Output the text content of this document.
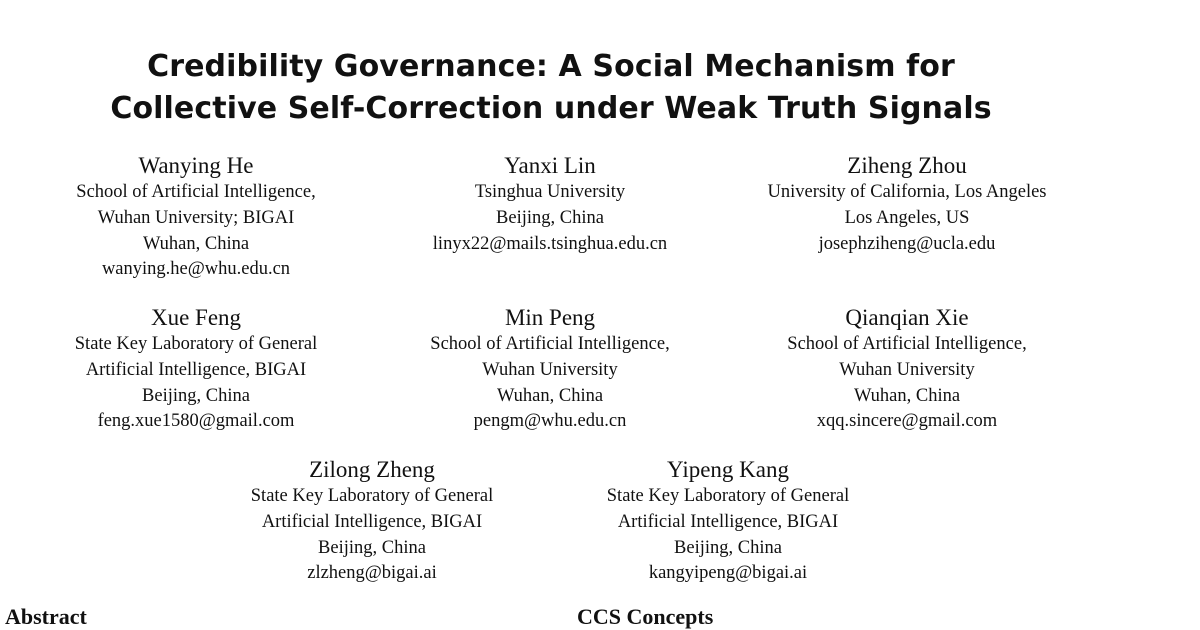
Credibility Governance: A Social Mechanism for
Collective Self-Correction under Weak Truth Signals
Wanying He
School of Artificial Intelligence,
Wuhan University; BIGAI
Wuhan, China
wanying.he@whu.edu.cn
Yanxi Lin
Tsinghua University
Beijing, China
linyx22@mails.tsinghua.edu.cn
Ziheng Zhou
University of California, Los Angeles
Los Angeles, US
josephziheng@ucla.edu
Xue Feng
State Key Laboratory of General
Artificial Intelligence, BIGAI
Beijing, China
feng.xue1580@gmail.com
Min Peng
School of Artificial Intelligence,
Wuhan University
Wuhan, China
pengm@whu.edu.cn
Qianqian Xie
School of Artificial Intelligence,
Wuhan University
Wuhan, China
xqq.sincere@gmail.com
Zilong Zheng
State Key Laboratory of General
Artificial Intelligence, BIGAI
Beijing, China
zlzheng@bigai.ai
Yipeng Kang
State Key Laboratory of General
Artificial Intelligence, BIGAI
Beijing, China
kangyipeng@bigai.ai
Abstract	CCS Concepts
